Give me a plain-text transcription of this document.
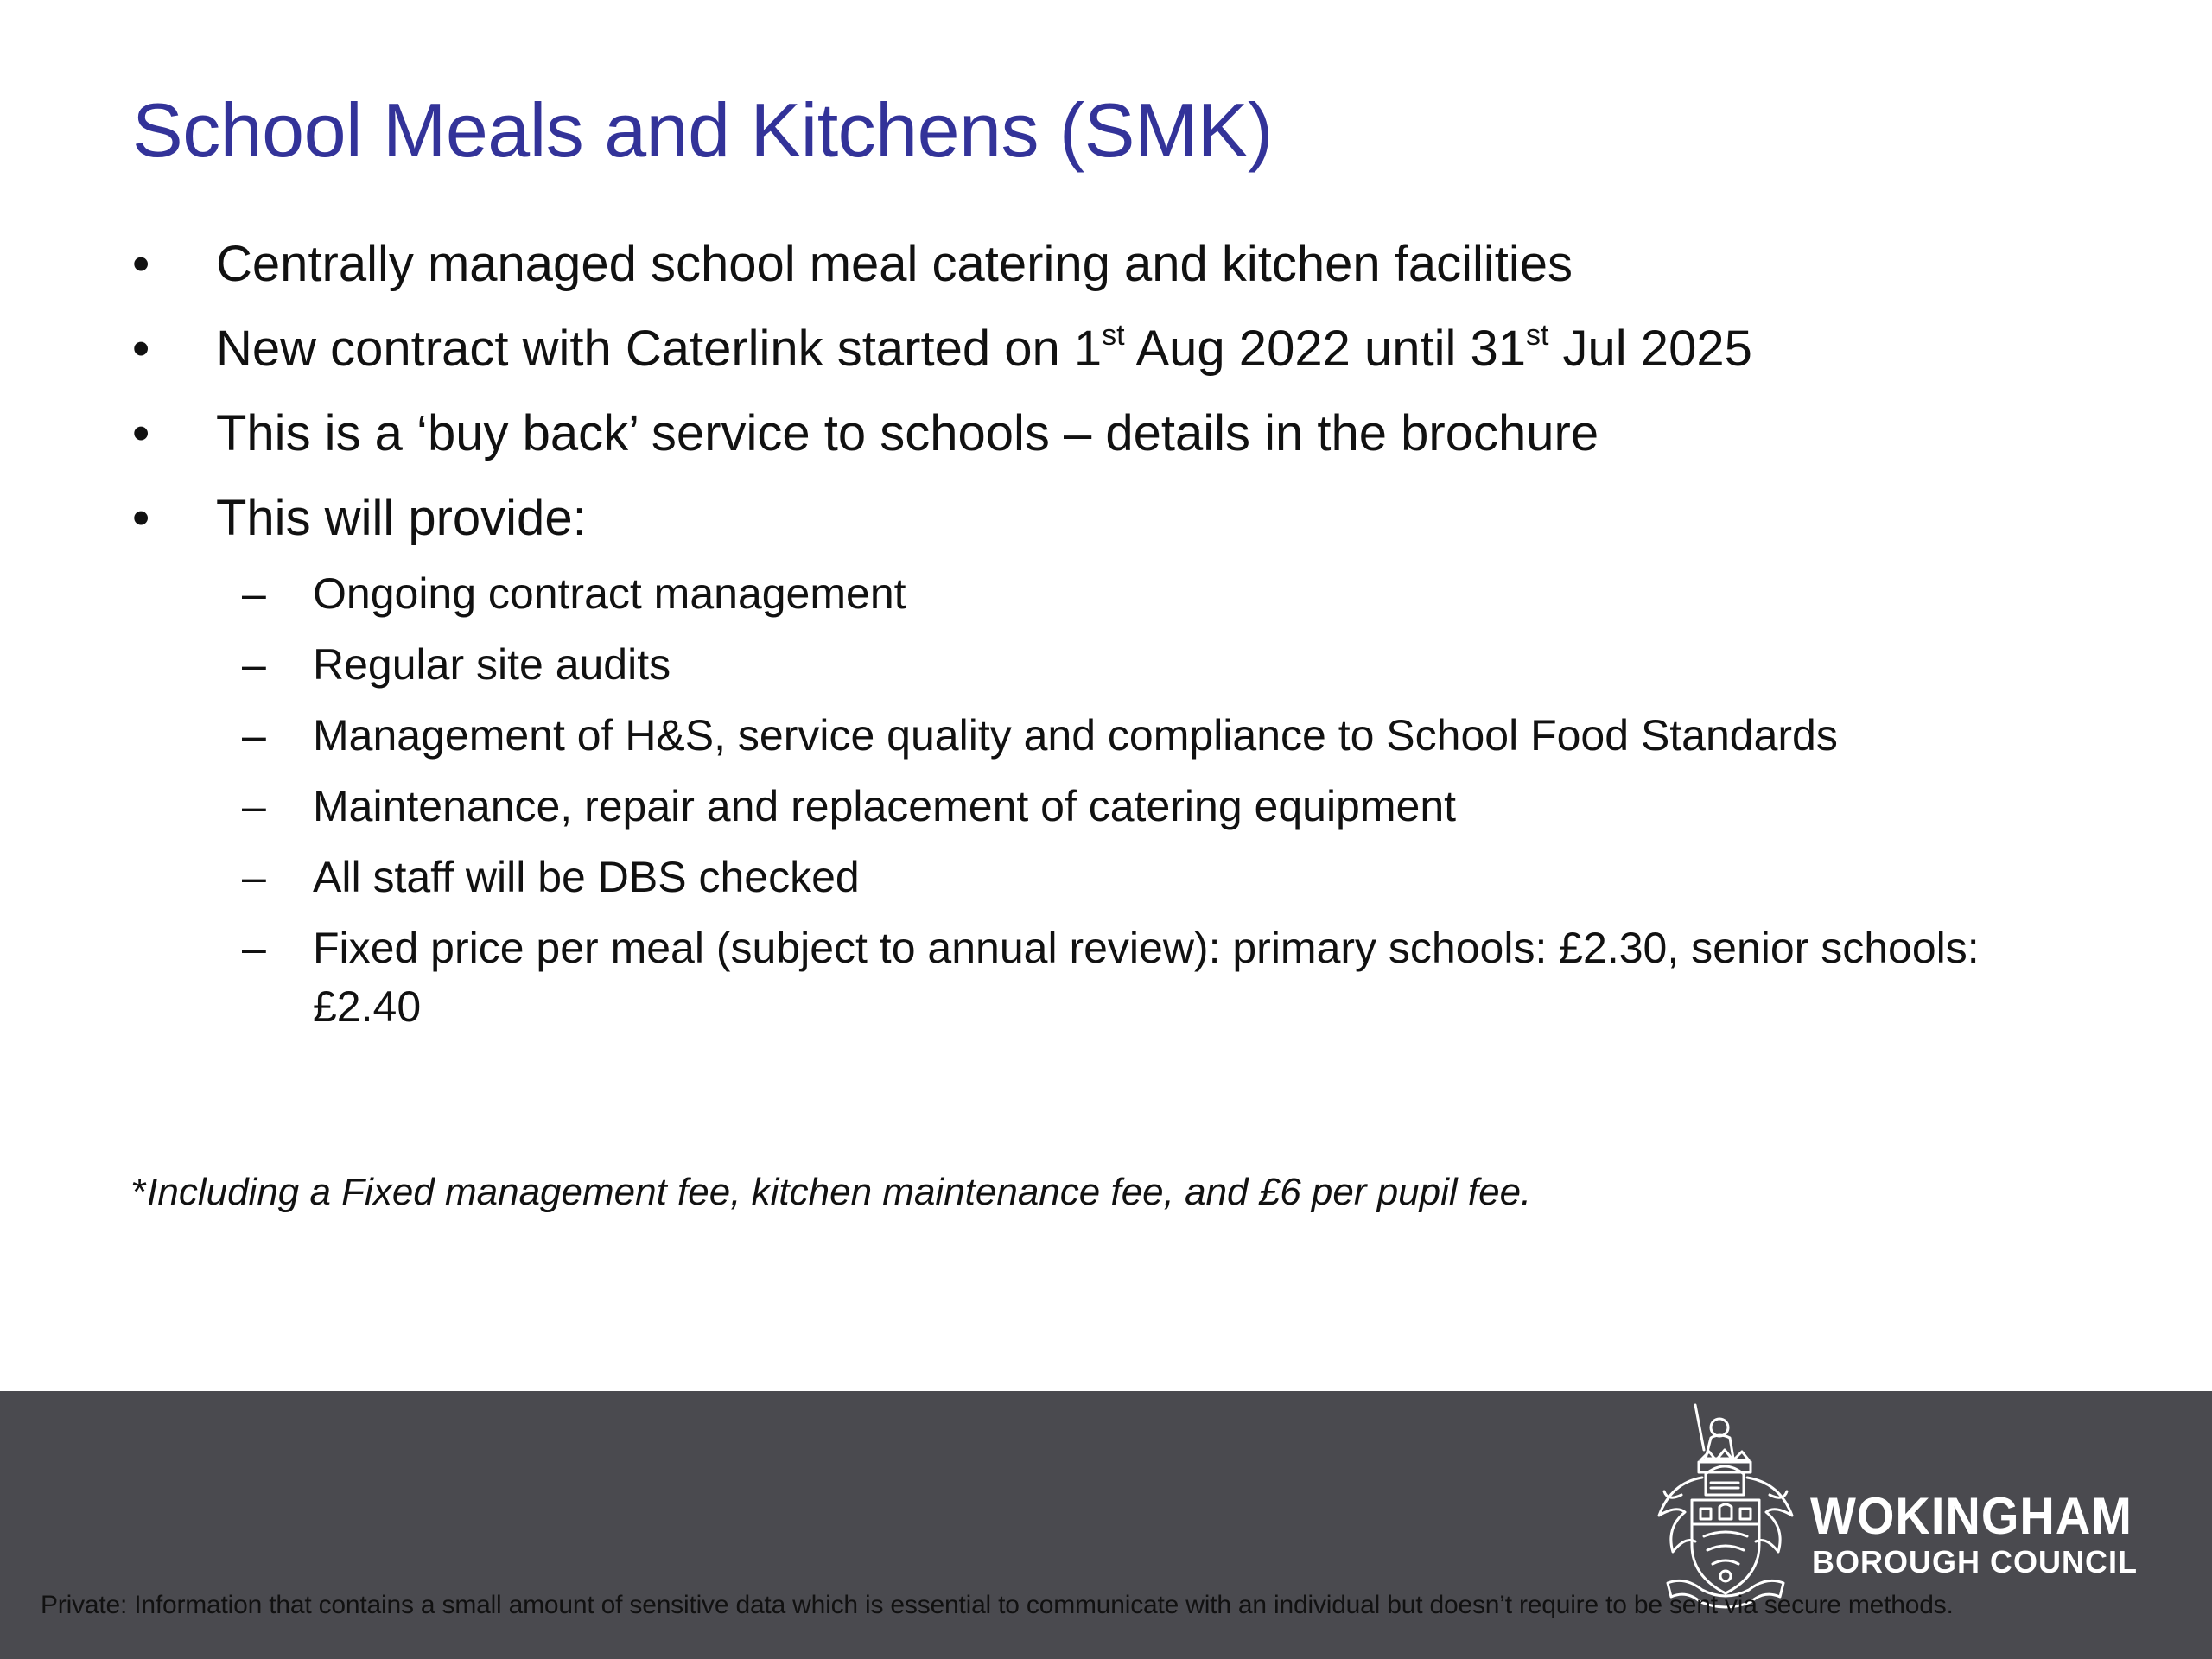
School Meals and Kitchens (SMK)
•	Centrally managed school meal catering and kitchen facilities
•	New contract with Caterlink started on 1st Aug 2022 until 31st Jul 2025
•	This is a ‘buy back’ service to schools – details in the brochure
•	This will provide:
– Ongoing contract management
– Regular site audits
– Management of H&S, service quality and compliance to School Food Standards
– Maintenance, repair and replacement of catering equipment
– All staff will be DBS checked
– Fixed price per meal (subject to annual review): primary schools: £2.30, senior schools:
£2.40
*Including a Fixed management fee, kitchen maintenance fee, and £6 per pupil fee.
WOKINGHAM
BOROUGH COUNCIL
Private: Information that contains a small amount of sensitive data which is essential to communicate with an individual but doesn’t require to be sent via secure methods.
